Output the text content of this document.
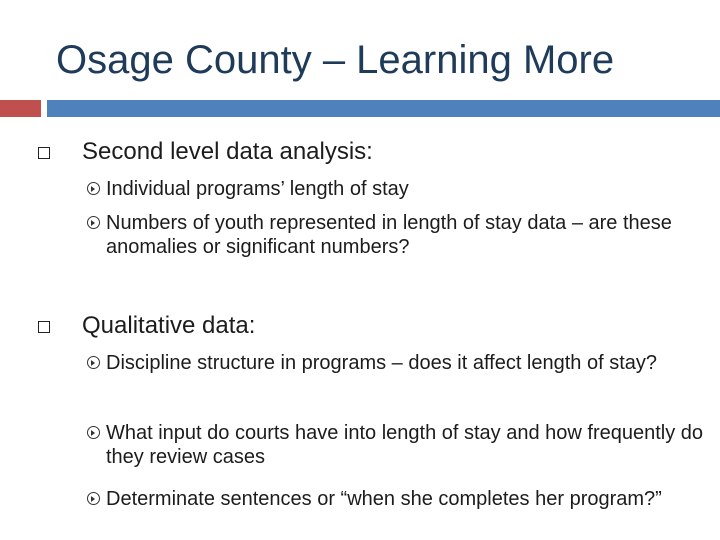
Osage County – Learning More
Second level data analysis:
Individual programs’ length of stay
Numbers of youth represented in length of stay data – are these anomalies or significant numbers?
Qualitative data:
Discipline structure in programs – does it affect length of stay?
What input do courts have into length of stay and how frequently do they review cases
Determinate sentences or “when she completes her program?”
